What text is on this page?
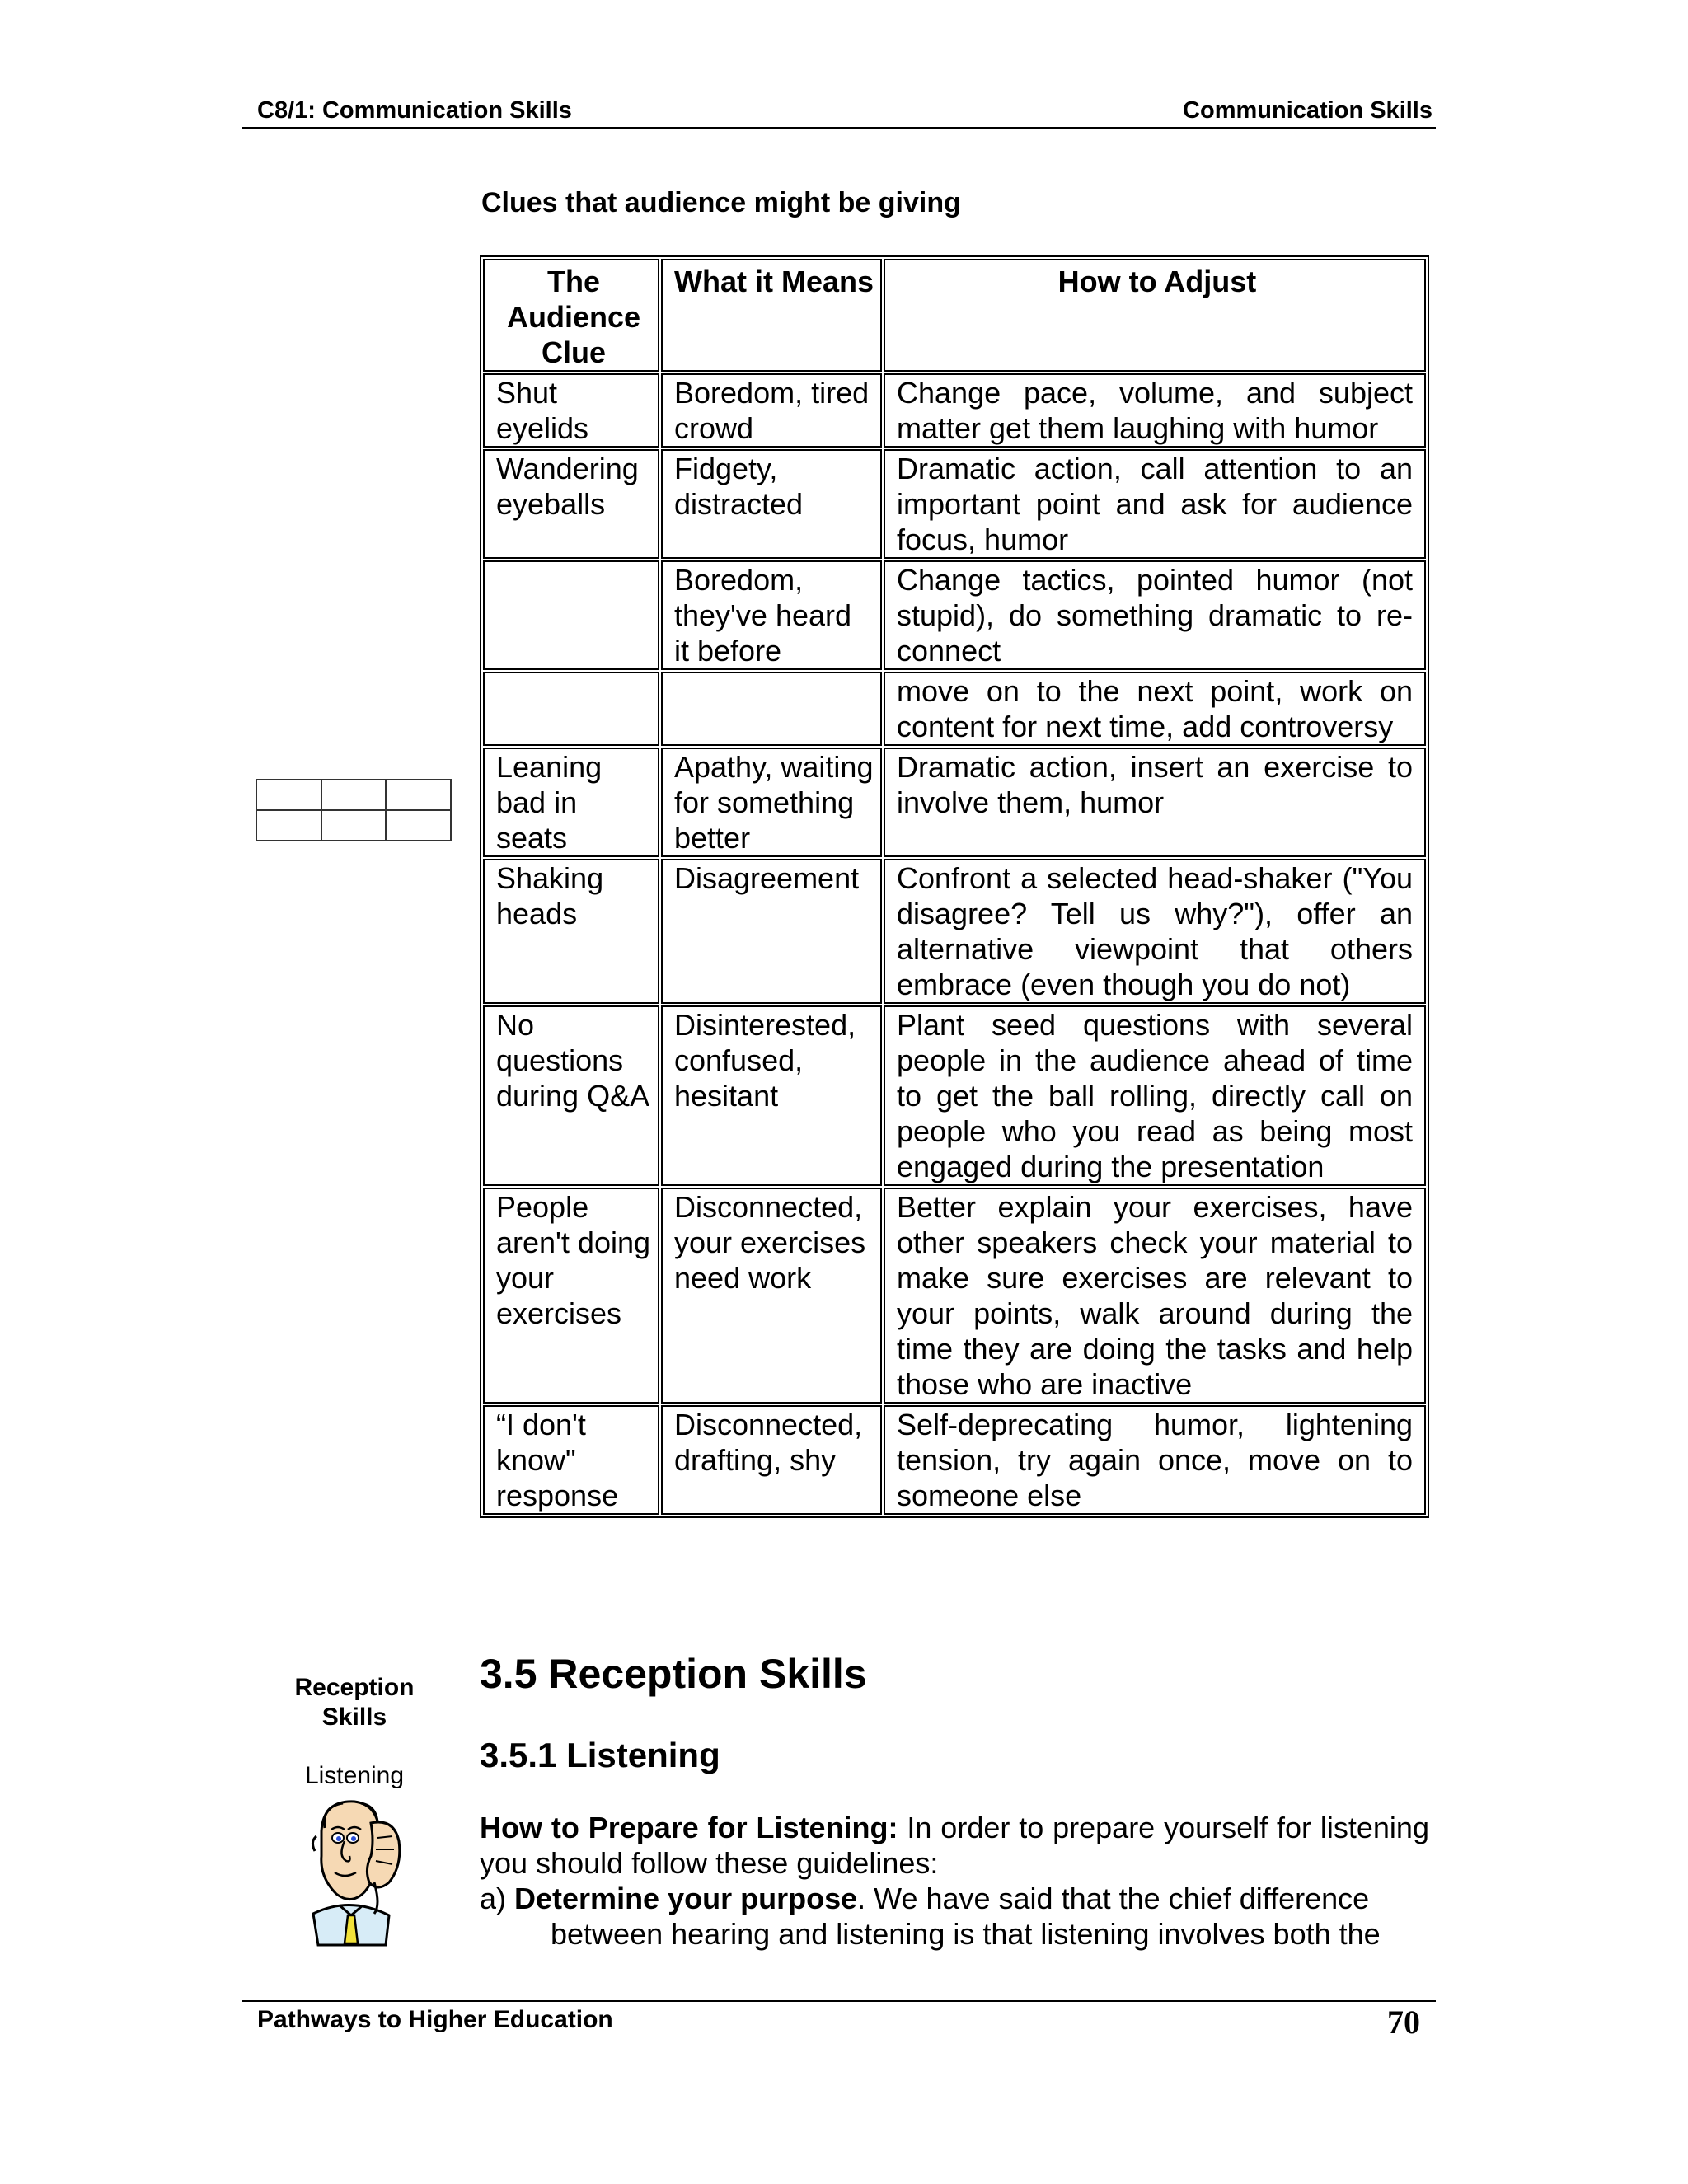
C8/1: Communication Skills	Communication Skills
Clues that audience might be giving

The Audience Clue	What it Means	How to Adjust
Shut eyelids	Boredom, tired crowd	Change pace, volume, and subject matter get them laughing with humor
Wandering eyeballs	Fidgety, distracted	Dramatic action, call attention to an important point and ask for audience focus, humor
	Boredom, they've heard it before	Change tactics, pointed humor (not stupid), do something dramatic to re-connect
		move on to the next point, work on content for next time, add controversy
Leaning bad in seats	Apathy, waiting for something better	Dramatic action, insert an exercise to involve them, humor
Shaking heads	Disagreement	Confront a selected head-shaker ("You disagree? Tell us why?"), offer an alternative viewpoint that others embrace (even though you do not)
No questions during Q&A	Disinterested, confused, hesitant	Plant seed questions with several people in the audience ahead of time to get the ball rolling, directly call on people who you read as being most engaged during the presentation
People aren't doing your exercises	Disconnected, your exercises need work	Better explain your exercises, have other speakers check your material to make sure exercises are relevant to your points, walk around during the time they are doing the tasks and help those who are inactive
“I don't know" response	Disconnected, drafting, shy	Self-deprecating humor, lightening tension, try again once, move on to someone else
Reception Skills
Listening
3.5 Reception Skills
3.5.1 Listening
How to Prepare for Listening: In order to prepare yourself for listening you should follow these guidelines:
a) Determine your purpose. We have said that the chief difference
between hearing and listening is that listening involves both the
Pathways to Higher Education	70
